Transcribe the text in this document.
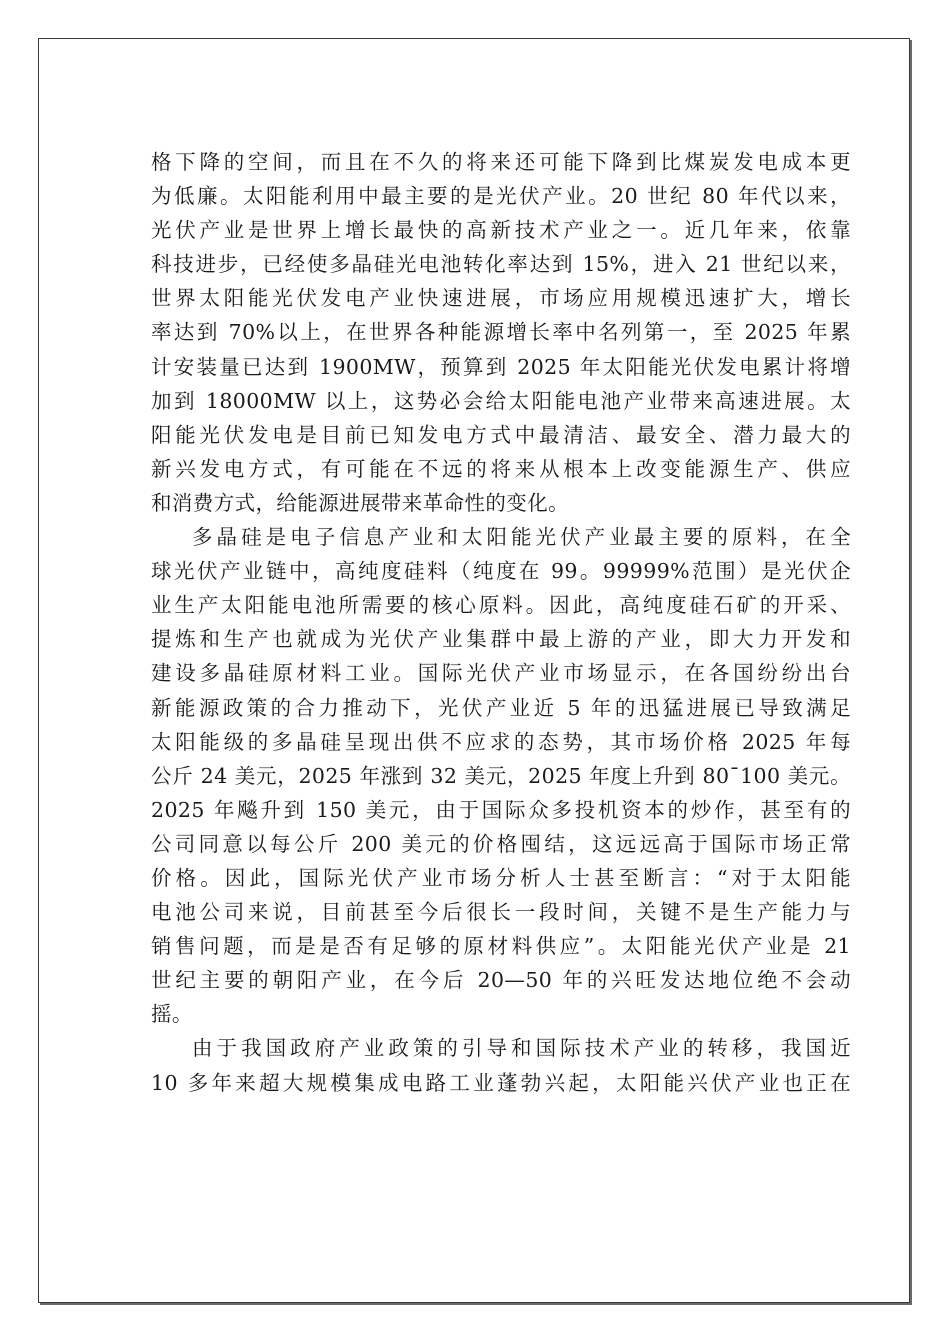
格下降的空间，而且在不久的将来还可能下降到比煤炭发电成本更
为低廉。太阳能利用中最主要的是光伏产业。20 世纪 80 年代以来，
光伏产业是世界上增长最快的高新技术产业之一。近几年来，依靠
科技进步，已经使多晶硅光电池转化率达到 15%，进入 21 世纪以来，
世界太阳能光伏发电产业快速进展，市场应用规模迅速扩大，增长
率达到 70%以上，在世界各种能源增长率中名列第一，至 2025 年累
计安装量已达到 1900MW，预算到 2025 年太阳能光伏发电累计将增
加到 18000MW 以上，这势必会给太阳能电池产业带来高速进展。太
阳能光伏发电是目前已知发电方式中最清洁、最安全、潜力最大的
新兴发电方式，有可能在不远的将来从根本上改变能源生产、供应
和消费方式，给能源进展带来革命性的变化。
多晶硅是电子信息产业和太阳能光伏产业最主要的原料，在全
球光伏产业链中，高纯度硅料（纯度在 99。99999%范围）是光伏企
业生产太阳能电池所需要的核心原料。因此，高纯度硅石矿的开采、
提炼和生产也就成为光伏产业集群中最上游的产业，即大力开发和
建设多晶硅原材料工业。国际光伏产业市场显示，在各国纷纷出台
新能源政策的合力推动下，光伏产业近 5 年的迅猛进展已导致满足
太阳能级的多晶硅呈现出供不应求的态势，其市场价格 2025 年每
公斤 24 美元，2025 年涨到 32 美元，2025 年度上升到 80¯100 美元。
2025 年飚升到 150 美元，由于国际众多投机资本的炒作，甚至有的
公司同意以每公斤 200 美元的价格囤结，这远远高于国际市场正常
价格。因此，国际光伏产业市场分析人士甚至断言：“对于太阳能
电池公司来说，目前甚至今后很长一段时间，关键不是生产能力与
销售问题，而是是否有足够的原材料供应”。太阳能光伏产业是 21
世纪主要的朝阳产业，在今后 20—50 年的兴旺发达地位绝不会动
摇。
由于我国政府产业政策的引导和国际技术产业的转移，我国近
10 多年来超大规模集成电路工业蓬勃兴起，太阳能兴伏产业也正在
